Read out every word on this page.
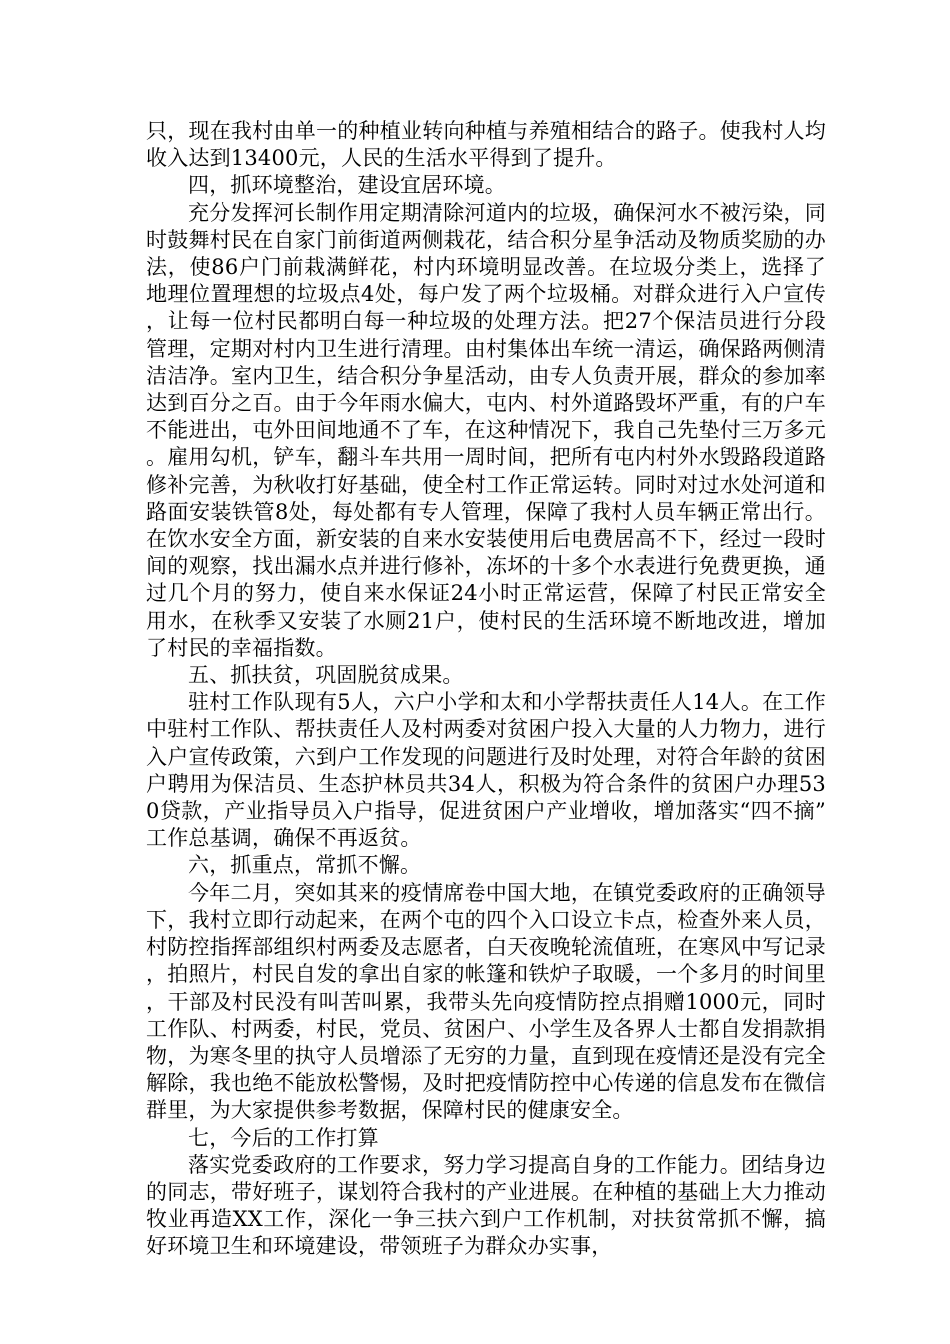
只，现在我村由单一的种植业转向种植与养殖相结合的路子。使我村人均收入达到13400元，人民的生活水平得到了提升。

四，抓环境整治，建设宜居环境。

充分发挥河长制作用定期清除河道内的垃圾，确保河水不被污染，同时鼓舞村民在自家门前街道两侧栽花，结合积分星争活动及物质奖励的办法，使86户门前栽满鲜花，村内环境明显改善。在垃圾分类上，选择了地理位置理想的垃圾点4处，每户发了两个垃圾桶。对群众进行入户宣传，让每一位村民都明白每一种垃圾的处理方法。把27个保洁员进行分段管理，定期对村内卫生进行清理。由村集体出车统一清运，确保路两侧清洁洁净。室内卫生，结合积分争星活动，由专人负责开展，群众的参加率达到百分之百。由于今年雨水偏大，屯内、村外道路毁坏严重，有的户车不能进出，屯外田间地通不了车，在这种情况下，我自己先垫付三万多元。雇用勾机，铲车，翻斗车共用一周时间，把所有屯内村外水毁路段道路修补完善，为秋收打好基础，使全村工作正常运转。同时对过水处河道和路面安装铁管8处，每处都有专人管理，保障了我村人员车辆正常出行。在饮水安全方面，新安装的自来水安装使用后电费居高不下，经过一段时间的观察，找出漏水点并进行修补，冻坏的十多个水表进行免费更换，通过几个月的努力，使自来水保证24小时正常运营，保障了村民正常安全用水，在秋季又安装了水厕21户，使村民的生活环境不断地改进，增加了村民的幸福指数。

五、抓扶贫，巩固脱贫成果。

驻村工作队现有5人，六户小学和太和小学帮扶责任人14人。在工作中驻村工作队、帮扶责任人及村两委对贫困户投入大量的人力物力，进行入户宣传政策，六到户工作发现的问题进行及时处理，对符合年龄的贫困户聘用为保洁员、生态护林员共34人，积极为符合条件的贫困户办理530贷款，产业指导员入户指导，促进贫困户产业增收，增加落实“四不摘”工作总基调，确保不再返贫。

六，抓重点，常抓不懈。

今年二月，突如其来的疫情席卷中国大地，在镇党委政府的正确领导下，我村立即行动起来，在两个屯的四个入口设立卡点，检查外来人员，村防控指挥部组织村两委及志愿者，白天夜晚轮流值班，在寒风中写记录，拍照片，村民自发的拿出自家的帐篷和铁炉子取暖，一个多月的时间里，干部及村民没有叫苦叫累，我带头先向疫情防控点捐赠1000元，同时工作队、村两委，村民，党员、贫困户、小学生及各界人士都自发捐款捐物，为寒冬里的执守人员增添了无穷的力量，直到现在疫情还是没有完全解除，我也绝不能放松警惕，及时把疫情防控中心传递的信息发布在微信群里，为大家提供参考数据，保障村民的健康安全。

七，今后的工作打算

落实党委政府的工作要求，努力学习提高自身的工作能力。团结身边的同志，带好班子，谋划符合我村的产业进展。在种植的基础上大力推动牧业再造XX工作，深化一争三扶六到户工作机制，对扶贫常抓不懈，搞好环境卫生和环境建设，带领班子为群众办实事，
